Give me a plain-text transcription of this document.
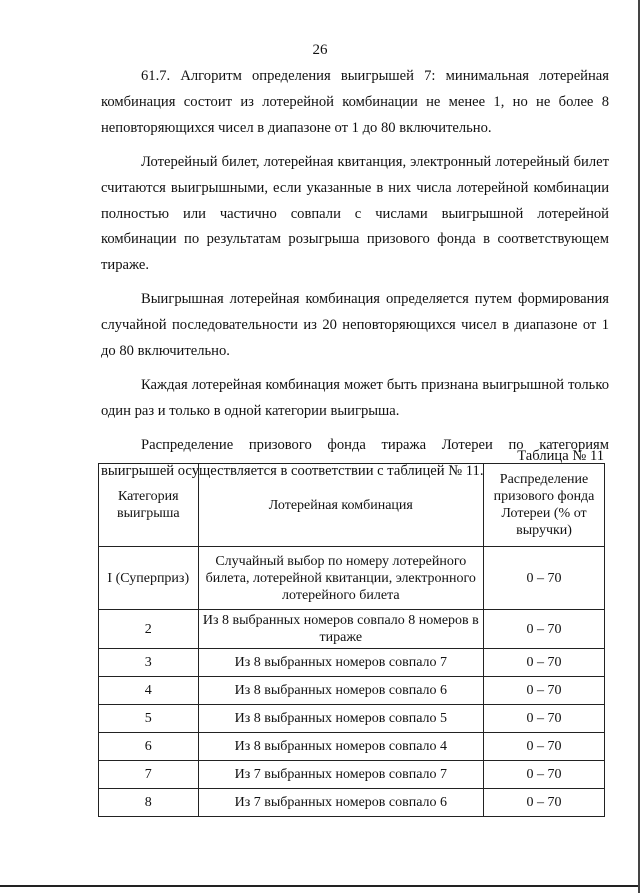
26

61.7. Алгоритм определения выигрышей 7: минимальная лотерейная комбинация состоит из лотерейной комбинации не менее 1, но не более 8 неповторяющихся чисел в диапазоне от 1 до 80 включительно.

Лотерейный билет, лотерейная квитанция, электронный лотерейный билет считаются выигрышными, если указанные в них числа лотерейной комбинации полностью или частично совпали с числами выигрышной лотерейной комбинации по результатам розыгрыша призового фонда в соответствующем тираже.

Выигрышная лотерейная комбинация определяется путем формирования случайной последовательности из 20 неповторяющихся чисел в диапазоне от 1 до 80 включительно.

Каждая лотерейная комбинация может быть признана выигрышной только один раз и только в одной категории выигрыша.

Распределение призового фонда тиража Лотереи по категориям выигрышей осуществляется в соответствии с таблицей № 11.

Таблица № 11
Категория выигрыша	Лотерейная комбинация	Распределение призового фонда Лотереи (% от выручки)
I (Суперприз)	Случайный выбор по номеру лотерейного билета, лотерейной квитанции, электронного лотерейного билета	0 – 70
2	Из 8 выбранных номеров совпало 8 номеров в тираже	0 – 70
3	Из 8 выбранных номеров совпало 7	0 – 70
4	Из 8 выбранных номеров совпало 6	0 – 70
5	Из 8 выбранных номеров совпало 5	0 – 70
6	Из 8 выбранных номеров совпало 4	0 – 70
7	Из 7 выбранных номеров совпало 7	0 – 70
8	Из 7 выбранных номеров совпало 6	0 – 70
